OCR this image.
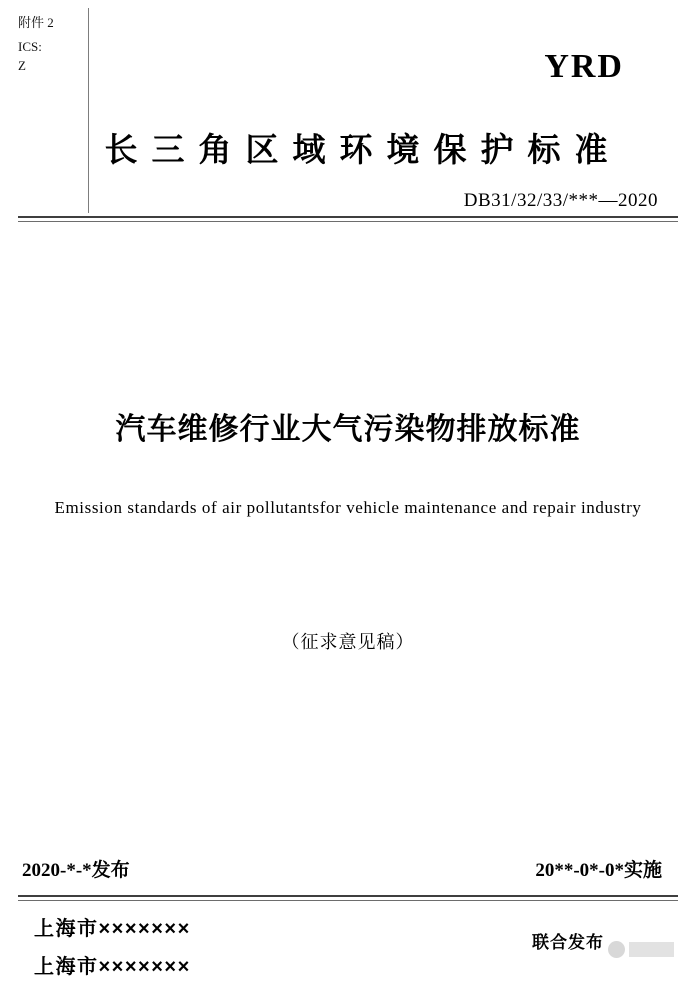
附件 2
ICS:
Z	YRD
长三角区域环境保护标准
DB31/32/33/***—2020
汽车维修行业大气污染物排放标准
Emission standards of air pollutantsfor vehicle maintenance and repair industry
（征求意见稿）
2020-*-*发布	20**-0*-0*实施
上海市×××××××
上海市×××××××
联合发布
